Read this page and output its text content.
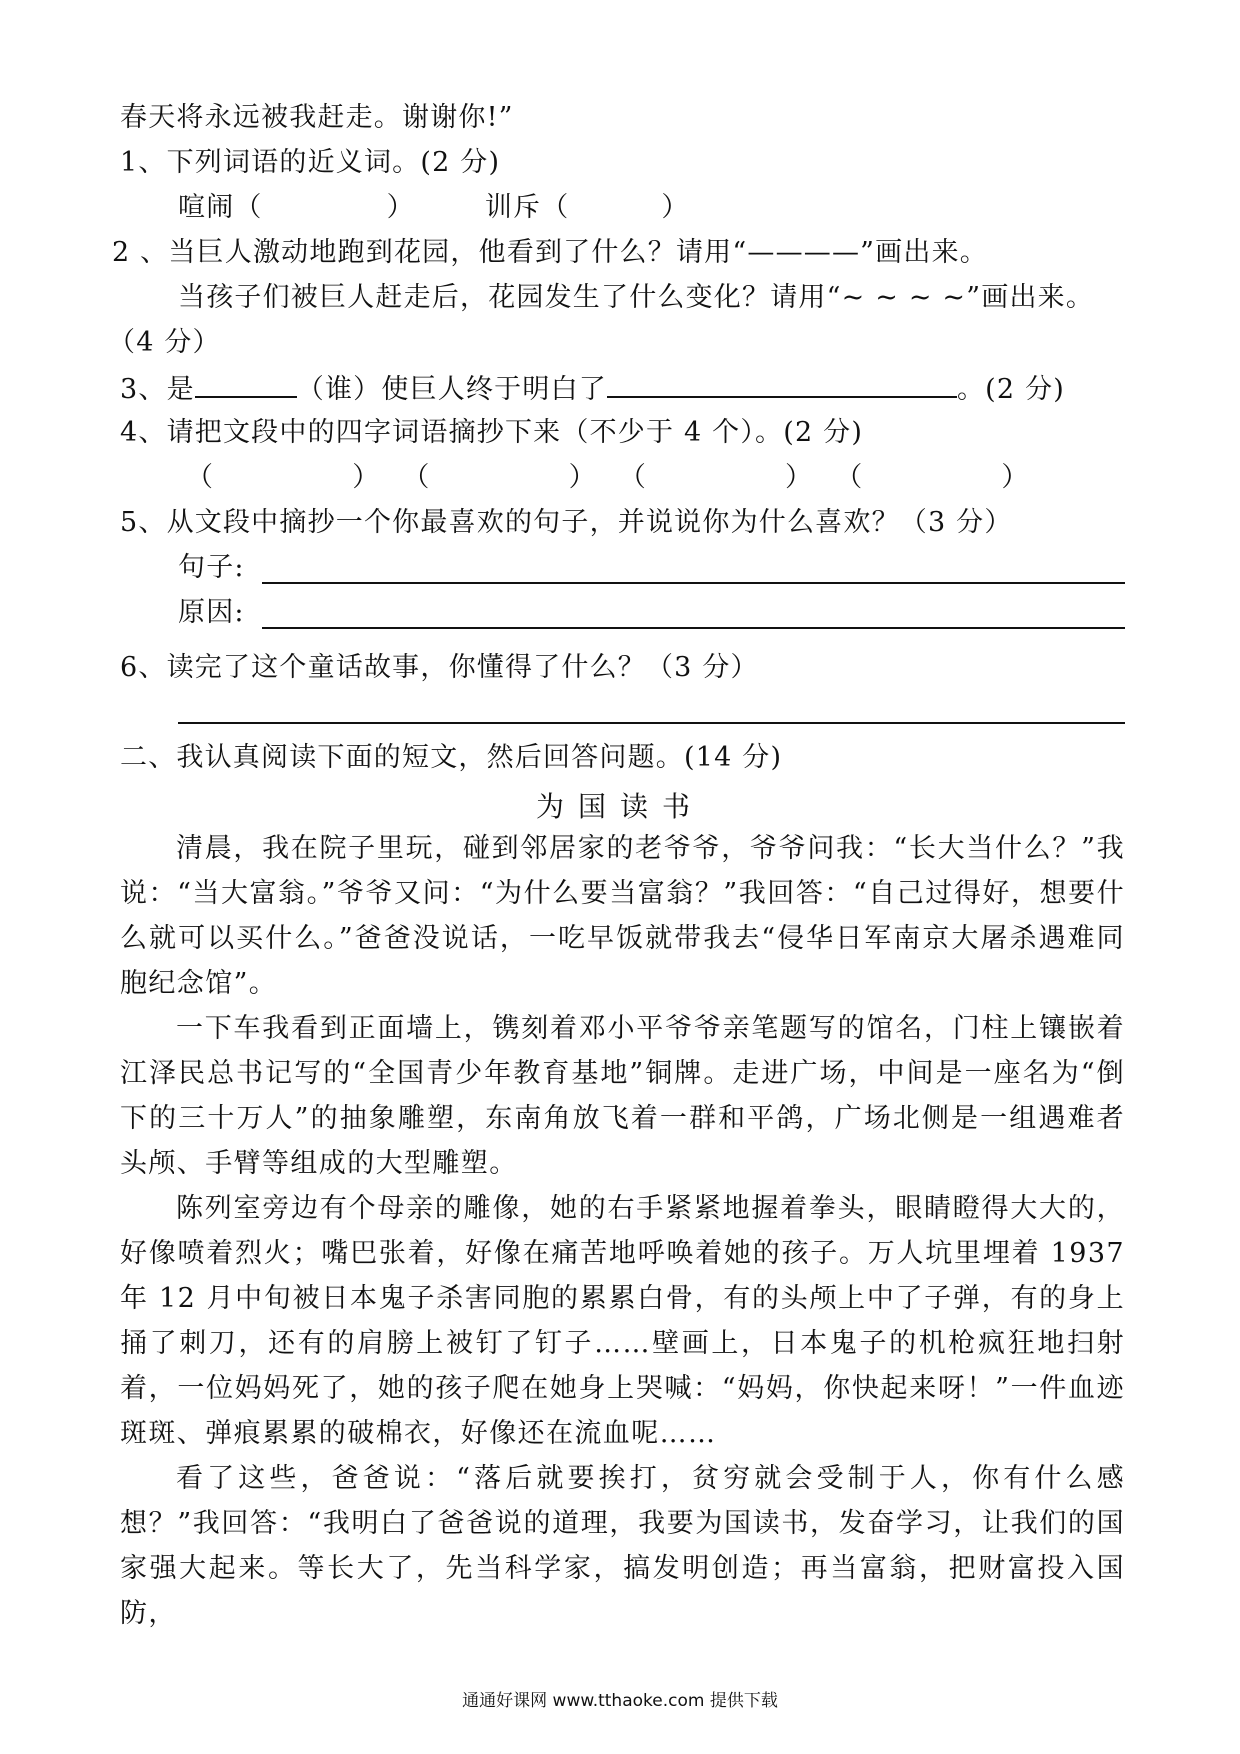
春天将永远被我赶走。谢谢你!”
1、下列词语的近义词。(2 分)
喧闹（	）	训斥（	）
2 、当巨人激动地跑到花园，他看到了什么？请用“————”画出来。
当孩子们被巨人赶走后，花园发生了什么变化？请用“~ ~ ~ ~”画出来。
（4 分）
3、是	（谁）使巨人终于明白了	。(2 分)
4、请把文段中的四字词语摘抄下来（不少于 4 个）。(2 分)
（	） （	） （	） （	）
5、从文段中摘抄一个你最喜欢的句子，并说说你为什么喜欢？（3 分）
句子:
原因:
6、读完了这个童话故事，你懂得了什么？（3 分）
二、我认真阅读下面的短文，然后回答问题。(14 分)
为国读书
清晨，我在院子里玩，碰到邻居家的老爷爷，爷爷问我：“长大当什么？”我说：“当大富翁。”爷爷又问：“为什么要当富翁？”我回答：“自己过得好，想要什么就可以买什么。”爸爸没说话，一吃早饭就带我去“侵华日军南京大屠杀遇难同胞纪念馆”。
一下车我看到正面墙上，镌刻着邓小平爷爷亲笔题写的馆名，门柱上镶嵌着江泽民总书记写的“全国青少年教育基地”铜牌。走进广场，中间是一座名为“倒下的三十万人”的抽象雕塑，东南角放飞着一群和平鸽，广场北侧是一组遇难者头颅、手臂等组成的大型雕塑。
陈列室旁边有个母亲的雕像，她的右手紧紧地握着拳头，眼睛瞪得大大的，好像喷着烈火；嘴巴张着，好像在痛苦地呼唤着她的孩子。万人坑里埋着 1937 年 12 月中旬被日本鬼子杀害同胞的累累白骨，有的头颅上中了子弹，有的身上捅了刺刀，还有的肩膀上被钉了钉子……壁画上，日本鬼子的机枪疯狂地扫射着，一位妈妈死了，她的孩子爬在她身上哭喊：“妈妈，你快起来呀！”一件血迹斑斑、弹痕累累的破棉衣，好像还在流血呢……
看了这些，爸爸说：“落后就要挨打，贫穷就会受制于人，你有什么感想？”我回答：“我明白了爸爸说的道理，我要为国读书，发奋学习，让我们的国家强大起来。等长大了，先当科学家，搞发明创造；再当富翁，把财富投入国防，
通通好课网 www.tthaoke.com 提供下载
